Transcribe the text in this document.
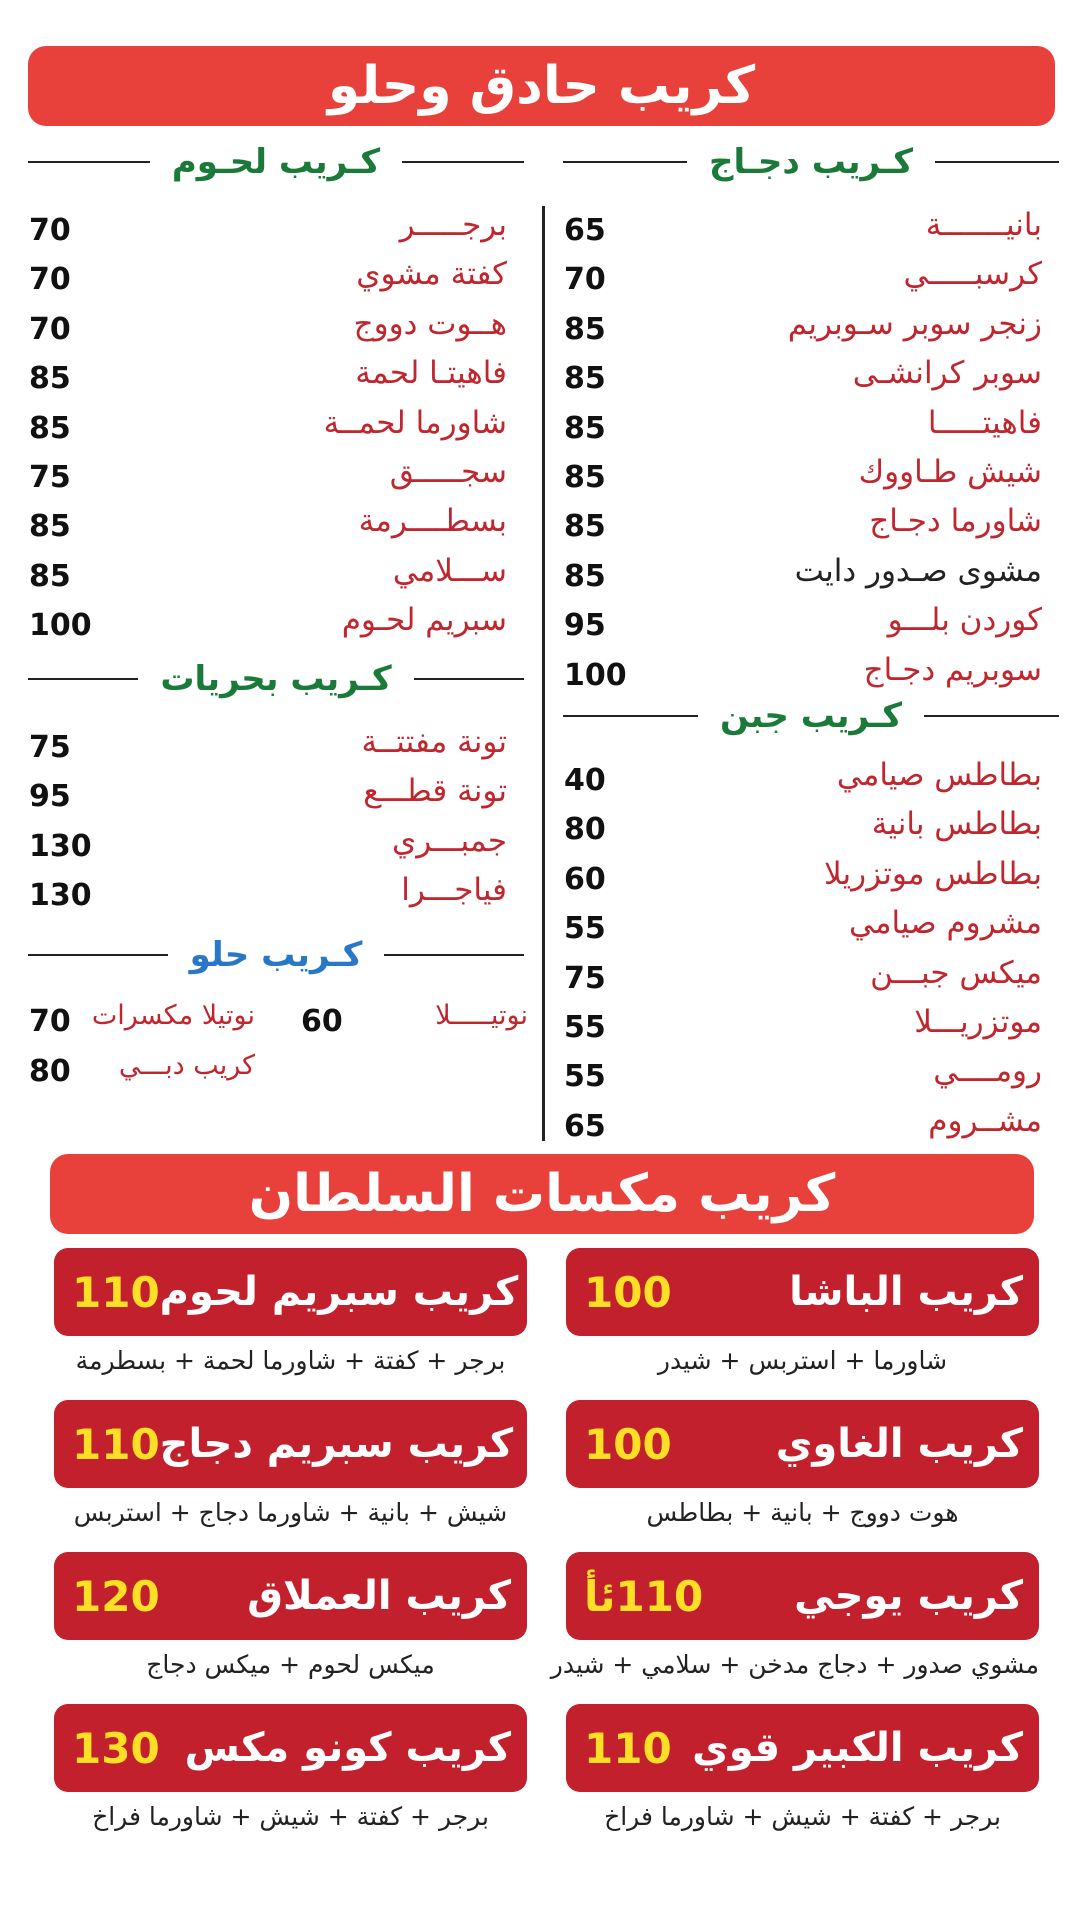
كريب حادق وحلو
كـريب دجـاج
كـريب لحـوم
كـريب بحريات
كـريب جبن
كـريب حلو
بانيـــــــة
65
كرسبـــــي
70
زنجر سوبر سـوبريم
85
سوبر كرانشـى
85
فاهيتـــــا
85
شيش طـاووك
85
شاورما دجـاج
85
مشوى صـدور دايت
85
كوردن بلـــو
95
سوبريم دجـاج
100
بطاطس صيامي
40
بطاطس بانية
80
بطاطس موتزريلا
60
مشروم صيامي
55
ميكس جبـــن
75
موتزريـــلا
55
رومــــي
55
مشــروم
65
برجـــــر
70
كفتة مشوي
70
هــوت دووج
70
فاهيتـا لحمة
85
شاورما لحمــة
85
سجـــــق
75
بسطــــرمة
85
ســـلامي
85
سبريم لحـوم
100
تونة مفتتــة
75
تونة قطـــع
95
جمبـــري
130
فياجـــرا
130
نوتيـــــلا
60
نوتيلا مكسرات
70
كريب دبـــي
80
كريب مكسات السلطان
100	كريب الباشا
شاورما + استربس + شيدر
100	كريب الغاوي
هوت دووج + بانية + بطاطس
110ئأ كريب يوجي
مشوي صدور + دجاج مدخن + سلامي + شيدر
110 كريب الكبير قوي
برجر + كفتة + شيش + شاورما فراخ
110 كريب سبريم لحوم
برجر + كفتة + شاورما لحمة + بسطرمة
110 كريب سبريم دجاج
شيش + بانية + شاورما دجاج + استربس
120 كريب العملاق
ميكس لحوم + ميكس دجاج
130 كريب كونو مكس
برجر + كفتة + شيش + شاورما فراخ
